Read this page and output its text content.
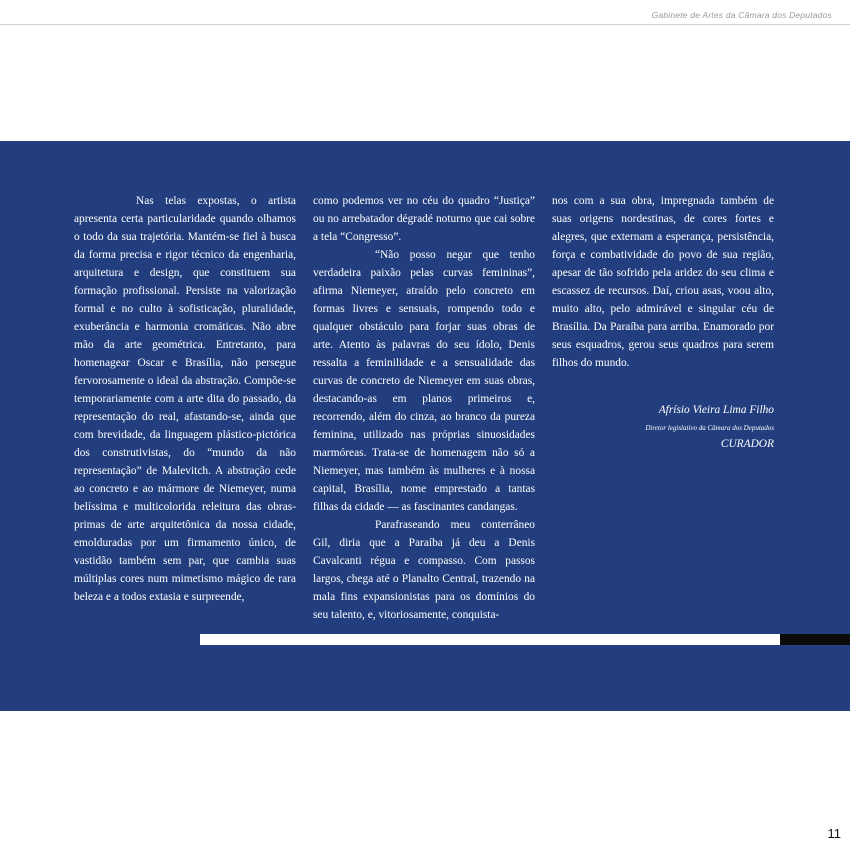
Gabinete de Artes da Câmara dos Deputados

Nas telas expostas, o artista apresenta certa particularidade quando olhamos o todo da sua trajetória. Mantém-se fiel à busca da forma precisa e rigor técnico da engenharia, arquitetura e design, que constituem sua formação profissional. Persiste na valorização formal e no culto à sofisticação, pluralidade, exuberância e harmonia cromáticas. Não abre mão da arte geométrica. Entretanto, para homenagear Oscar e Brasília, não persegue fervorosamente o ideal da abstração. Compõe-se temporariamente com a arte dita do passado, da representação do real, afastando-se, ainda que com brevidade, da linguagem plástico-pictórica dos construtivistas, do “mundo da não representação” de Malevitch. A abstração cede ao concreto e ao mármore de Niemeyer, numa belíssima e multicolorida releitura das obras-primas de arte arquitetônica da nossa cidade, emolduradas por um firmamento único, de vastidão também sem par, que cambia suas múltiplas cores num mimetismo mágico de rara beleza e a todos extasia e surpreende,

como podemos ver no céu do quadro “Justiça” ou no arrebatador dégradé noturno que cai sobre a tela “Congresso”.

“Não posso negar que tenho verdadeira paixão pelas curvas femininas”, afirma Niemeyer, atraído pelo concreto em formas livres e sensuais, rompendo todo e qualquer obstáculo para forjar suas obras de arte. Atento às palavras do seu ídolo, Denis ressalta a feminilidade e a sensualidade das curvas de concreto de Niemeyer em suas obras, destacando-as em planos primeiros e, recorrendo, além do cinza, ao branco da pureza feminina, utilizado nas próprias sinuosidades marmóreas. Trata-se de homenagem não só a Niemeyer, mas também às mulheres e à nossa capital, Brasília, nome emprestado a tantas filhas da cidade — as fascinantes candangas.

Parafraseando meu conterrâneo Gil, diria que a Paraíba já deu a Denis Cavalcanti régua e compasso. Com passos largos, chega até o Planalto Central, trazendo na mala fins expansionistas para os domínios do seu talento, e, vitoriosamente, conquista-

nos com a sua obra, impregnada também de suas origens nordestinas, de cores fortes e alegres, que externam a esperança, persistência, força e combatividade do povo de sua região, apesar de tão sofrido pela aridez do seu clima e escassez de recursos. Daí, criou asas, voou alto, muito alto, pelo admirável e singular céu de Brasília. Da Paraíba para arriba. Enamorado por seus esquadros, gerou seus quadros para serem filhos do mundo.

Afrísio Vieira Lima Filho
Diretor legislativo da Câmara dos Deputados
CURADOR
11
